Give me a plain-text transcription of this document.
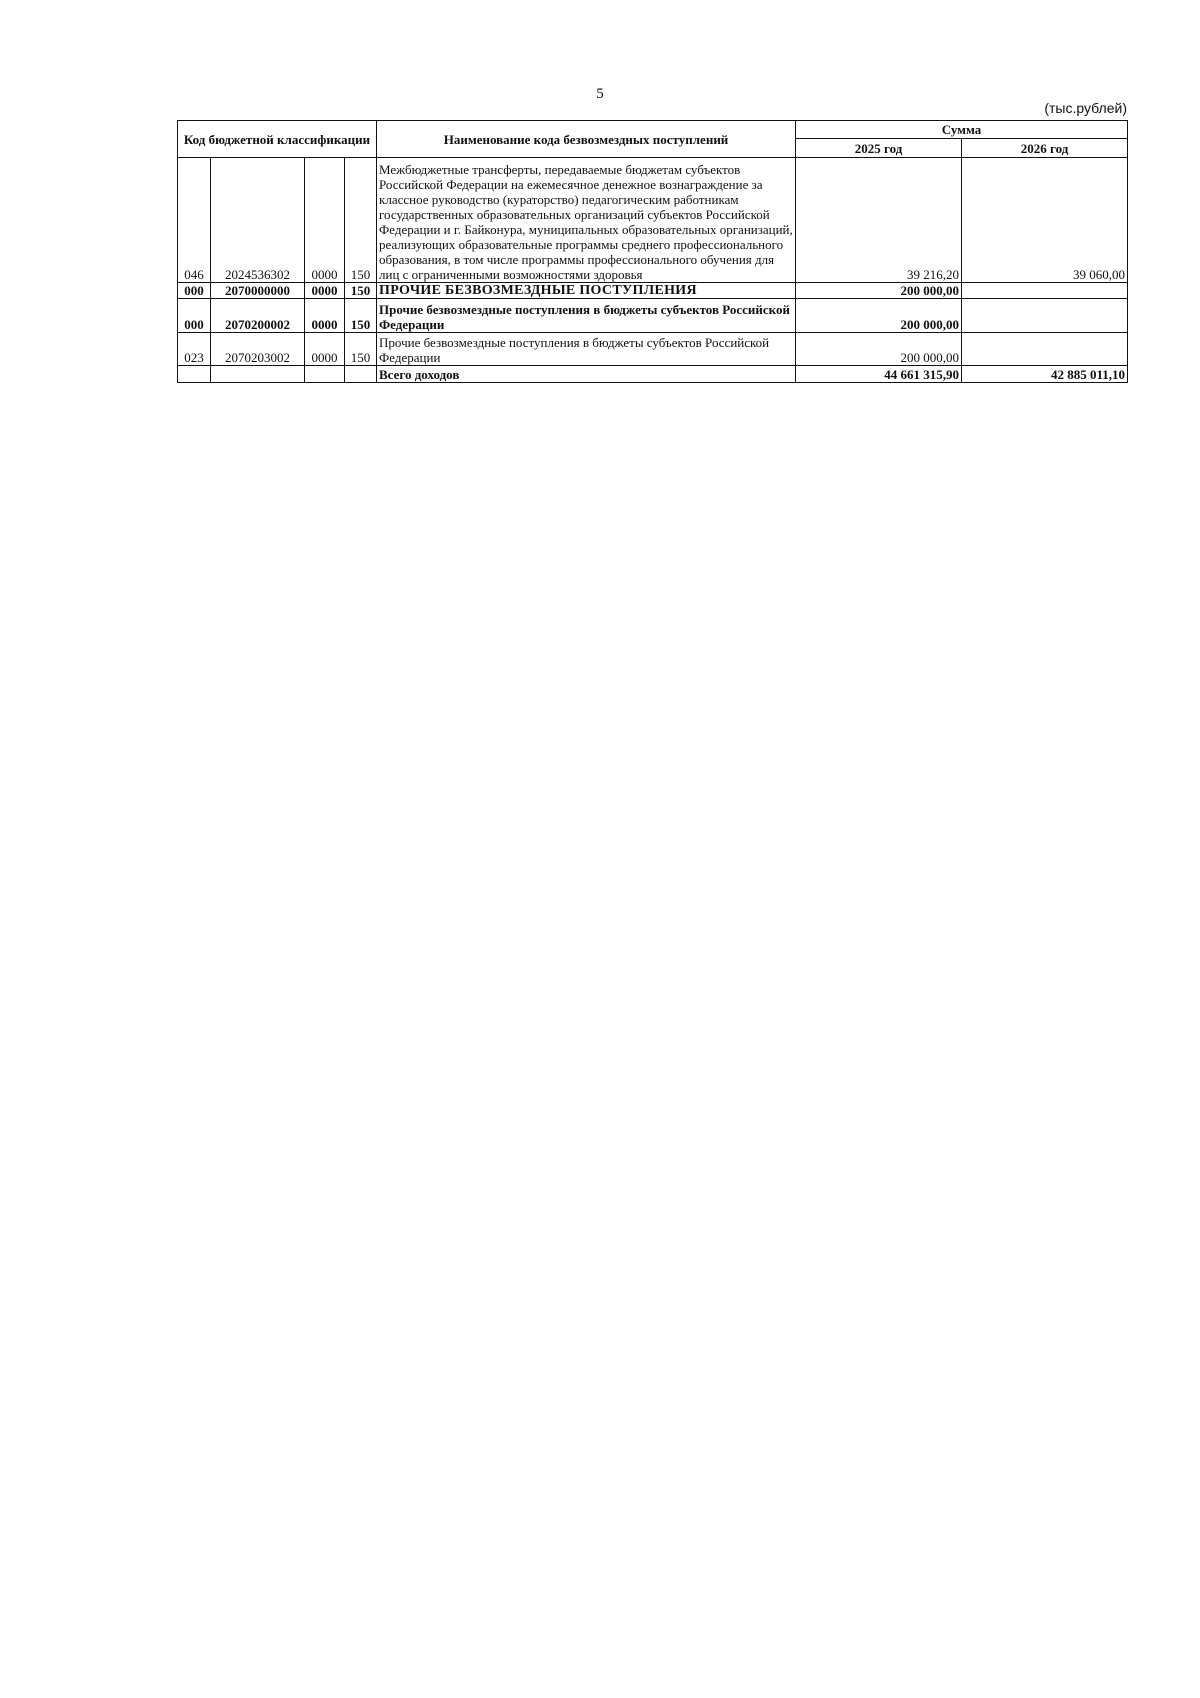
5
(тыс.рублей)
Код бюджетной классификации				Наименование кода безвозмездных поступлений	Сумма	
					2025 год	2026 год
046	2024536302	0000	150	Межбюджетные трансферты, передаваемые бюджетам субъектов Российской Федерации на ежемесячное денежное вознаграждение за классное руководство (кураторство) педагогическим работникам государственных образовательных организаций субъектов Российской Федерации и г. Байконура, муниципальных образовательных организаций, реализующих образовательные программы среднего профессионального образования, в том числе программы профессионального обучения для лиц с ограниченными возможностями здоровья	39 216,20	39 060,00
000	2070000000	0000	150	ПРОЧИЕ БЕЗВОЗМЕЗДНЫЕ ПОСТУПЛЕНИЯ	200 000,00	
000	2070200002	0000	150	Прочие безвозмездные поступления в бюджеты субъектов Российской Федерации	200 000,00	
023	2070203002	0000	150	Прочие безвозмездные поступления в бюджеты субъектов Российской Федерации	200 000,00	
				Всего доходов	44 661 315,90	42 885 011,10
